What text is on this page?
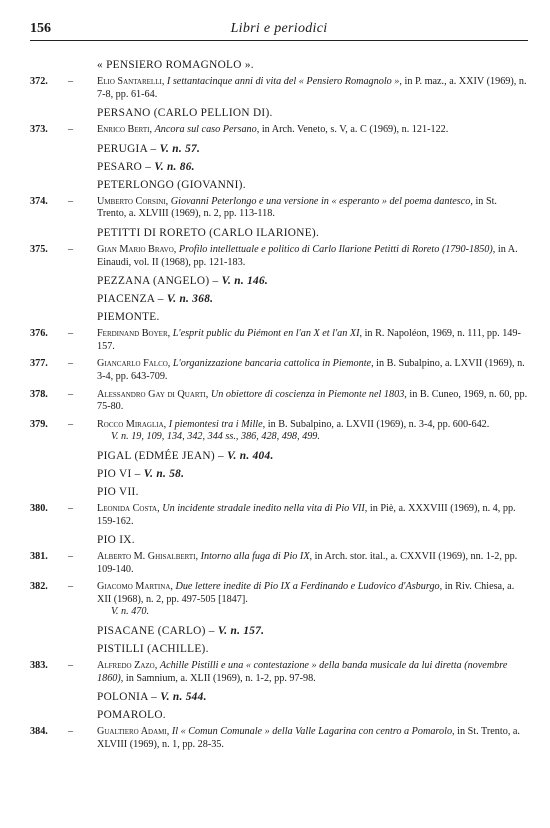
156	Libri e periodici
« PENSIERO ROMAGNOLO ».
372.	– Elio Santarelli, I settantacinque anni di vita del « Pensiero Romagnolo », in P. maz., a. XXIV (1969), n. 7-8, pp. 61-64.
PERSANO (CARLO PELLION DI).
373.	– Enrico Berti, Ancora sul caso Persano, in Arch. Veneto, s. V, a. C (1969), n. 121-122.
PERUGIA – V. n. 57.
PESARO – V. n. 86.
PETERLONGO (GIOVANNI).
374.	– Umberto Corsini, Giovanni Peterlongo e una versione in « esperanto » del poema dantesco, in St. Trento, a. XLVIII (1969), n. 2, pp. 113-118.
PETITTI DI RORETO (CARLO ILARIONE).
375.	– Gian Mario Bravo, Profilo intellettuale e politico di Carlo Ilarione Petitti di Roreto (1790-1850), in A. Einaudi, vol. II (1968), pp. 121-183.
PEZZANA (ANGELO) – V. n. 146.
PIACENZA – V. n. 368.
PIEMONTE.
376.	– Ferdinand Boyer, L'esprit public du Piémont en l'an X et l'an XI, in R. Napoléon, 1969, n. 111, pp. 149-157.
377.	– Giancarlo Falco, L'organizzazione bancaria cattolica in Piemonte, in B. Subalpino, a. LXVII (1969), n. 3-4, pp. 643-709.
378.	– Alessandro Gay di Quarti, Un obiettore di coscienza in Piemonte nel 1803, in B. Cuneo, 1969, n. 60, pp. 75-80.
379.	– Rocco Miraglia, I piemontesi tra i Mille, in B. Subalpino, a. LXVII (1969), n. 3-4, pp. 600-642.
V. n. 19, 109, 134, 342, 344 ss., 386, 428, 498, 499.
PIGAL (EDMÉE JEAN) – V. n. 404.
PIO VI – V. n. 58.
PIO VII.
380.	– Leonida Costa, Un incidente stradale inedito nella vita di Pio VII, in Piè, a. XXXVIII (1969), n. 4, pp. 159-162.
PIO IX.
381.	– Alberto M. Ghisalberti, Intorno alla fuga di Pio IX, in Arch. stor. ital., a. CXXVII (1969), nn. 1-2, pp. 109-140.
382.	– Giacomo Martina, Due lettere inedite di Pio IX a Ferdinando e Ludovico d'Asburgo, in Riv. Chiesa, a. XII (1968), n. 2, pp. 497-505 [1847].
V. n. 470.
PISACANE (CARLO) – V. n. 157.
PISTILLI (ACHILLE).
383.	– Alfredo Zazo, Achille Pistilli e una « contestazione » della banda musicale da lui diretta (novembre 1860), in Samnium, a. XLII (1969), n. 1-2, pp. 97-98.
POLONIA – V. n. 544.
POMAROLO.
384.	– Gualtiero Adami, Il « Comun Comunale » della Valle Lagarina con centro a Pomarolo, in St. Trento, a. XLVIII (1969), n. 1, pp. 28-35.
